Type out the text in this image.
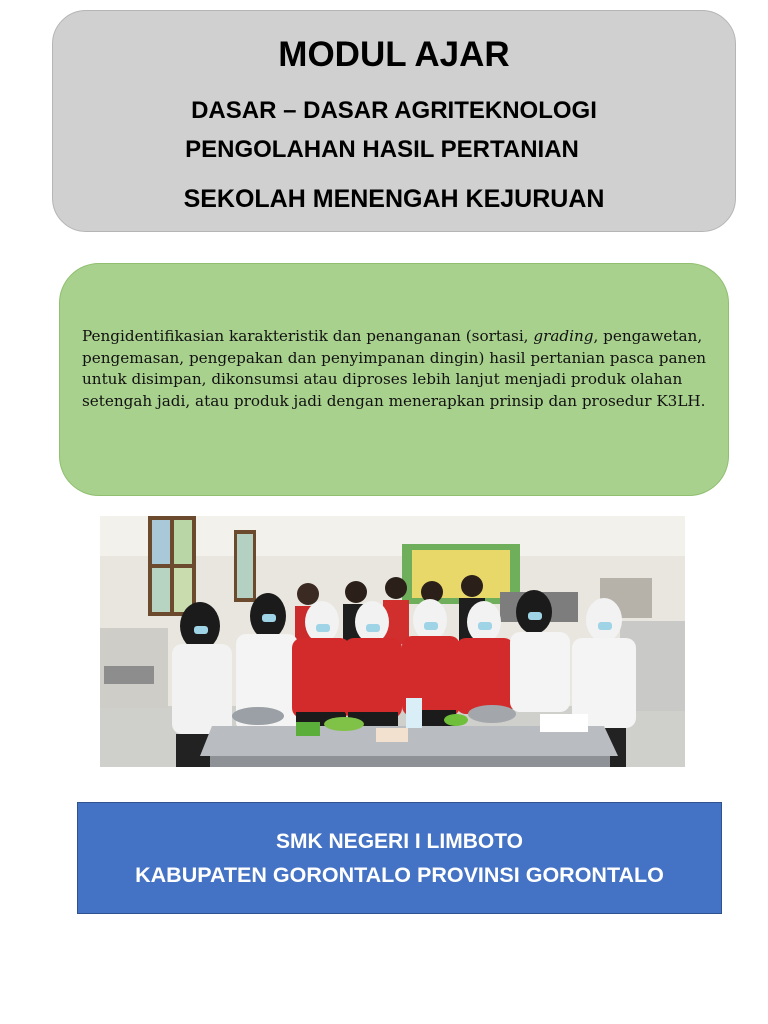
MODUL AJAR
DASAR – DASAR AGRITEKNOLOGI
PENGOLAHAN HASIL PERTANIAN
SEKOLAH MENENGAH KEJURUAN
Pengidentifikasian karakteristik dan penanganan (sortasi, grading, pengawetan, pengemasan, pengepakan dan penyimpanan dingin) hasil pertanian pasca panen untuk disimpan, dikonsumsi atau diproses lebih lanjut menjadi produk olahan setengah jadi, atau produk jadi dengan menerapkan prinsip dan prosedur K3LH.
SMK NEGERI I LIMBOTO
KABUPATEN GORONTALO PROVINSI GORONTALO
